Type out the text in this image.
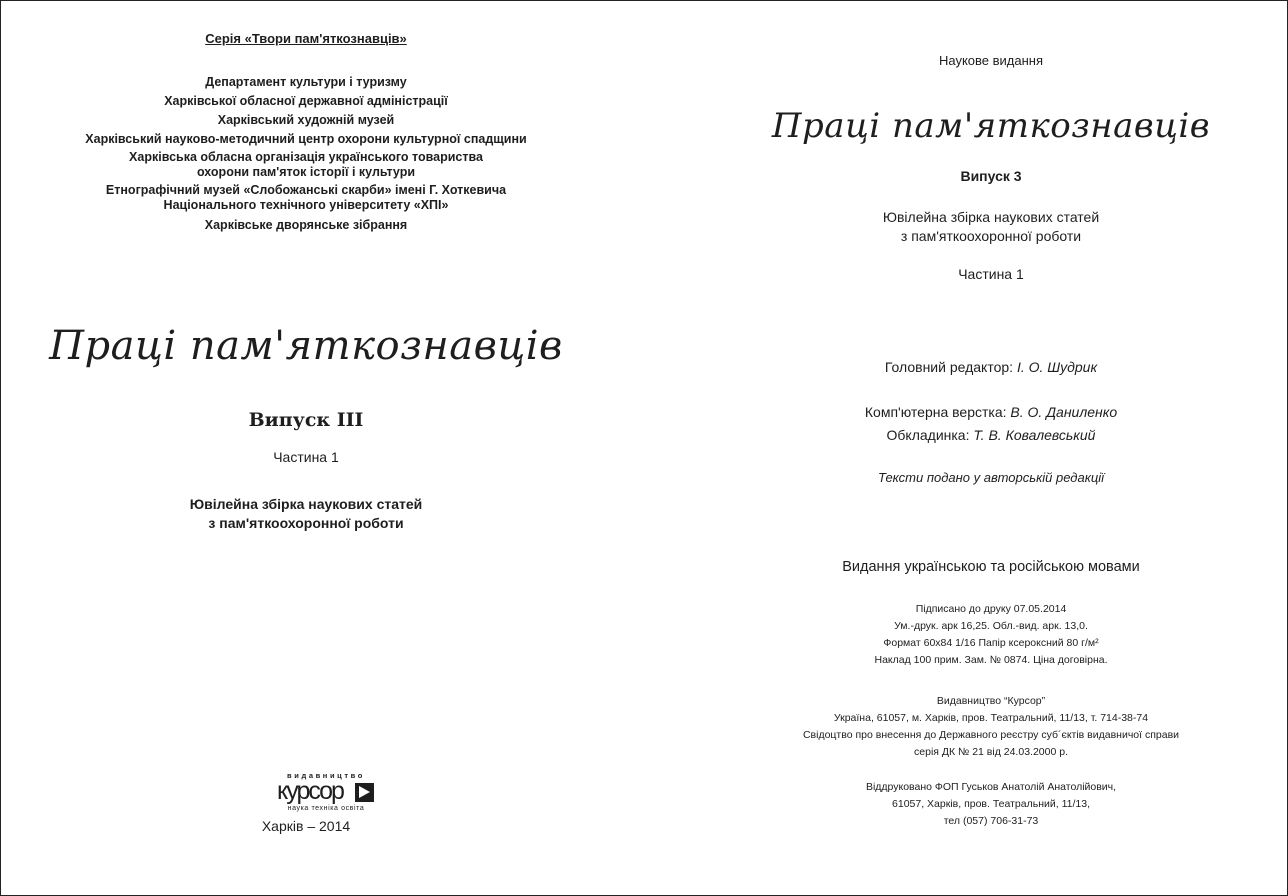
Серія «Твори пам'яткознавців»
Департамент культури і туризму
Харківської обласної державної адміністрації
Харківський художній музей
Харківський науково-методичний центр охорони культурної спадщини
Харківська обласна організація українського товариства
охорони пам'яток історії і культури
Етнографічний музей «Слобожанські скарби» імені Г. Хоткевича
Національного технічного університету «ХПІ»
Харківське дворянське зібрання
Праці пам'яткознавців
Випуск III
Частина 1
Ювілейна збірка наукових статей
з пам'яткоохоронної роботи
видавництво
курсор
наука техніка освіта
Харків – 2014
Наукове видання
Праці пам'яткознавців
Випуск 3
Ювілейна збірка наукових статей
з пам'яткоохоронної роботи
Частина 1
Головний редактор: І. О. Шудрик
Комп'ютерна верстка: В. О. Даниленко
Обкладинка: Т. В. Ковалевський
Тексти подано у авторській редакції
Видання українською та російською мовами
Підписано до друку 07.05.2014
Ум.-друк. арк 16,25. Обл.-вид. арк. 13,0.
Формат 60х84 1/16 Папір ксероксний 80 г/м²
Наклад 100 прим. Зам. № 0874. Ціна договірна.
Видавництво “Курсор”
Україна, 61057, м. Харків, пров. Театральний, 11/13, т. 714-38-74
Свідоцтво про внесення до Державного реєстру суб´єктів видавничої справи
серія ДК № 21 від 24.03.2000 р.
Віддруковано ФОП Гуськов Анатолій Анатолійович,
61057, Харків, пров. Театральний, 11/13,
тел (057) 706-31-73
